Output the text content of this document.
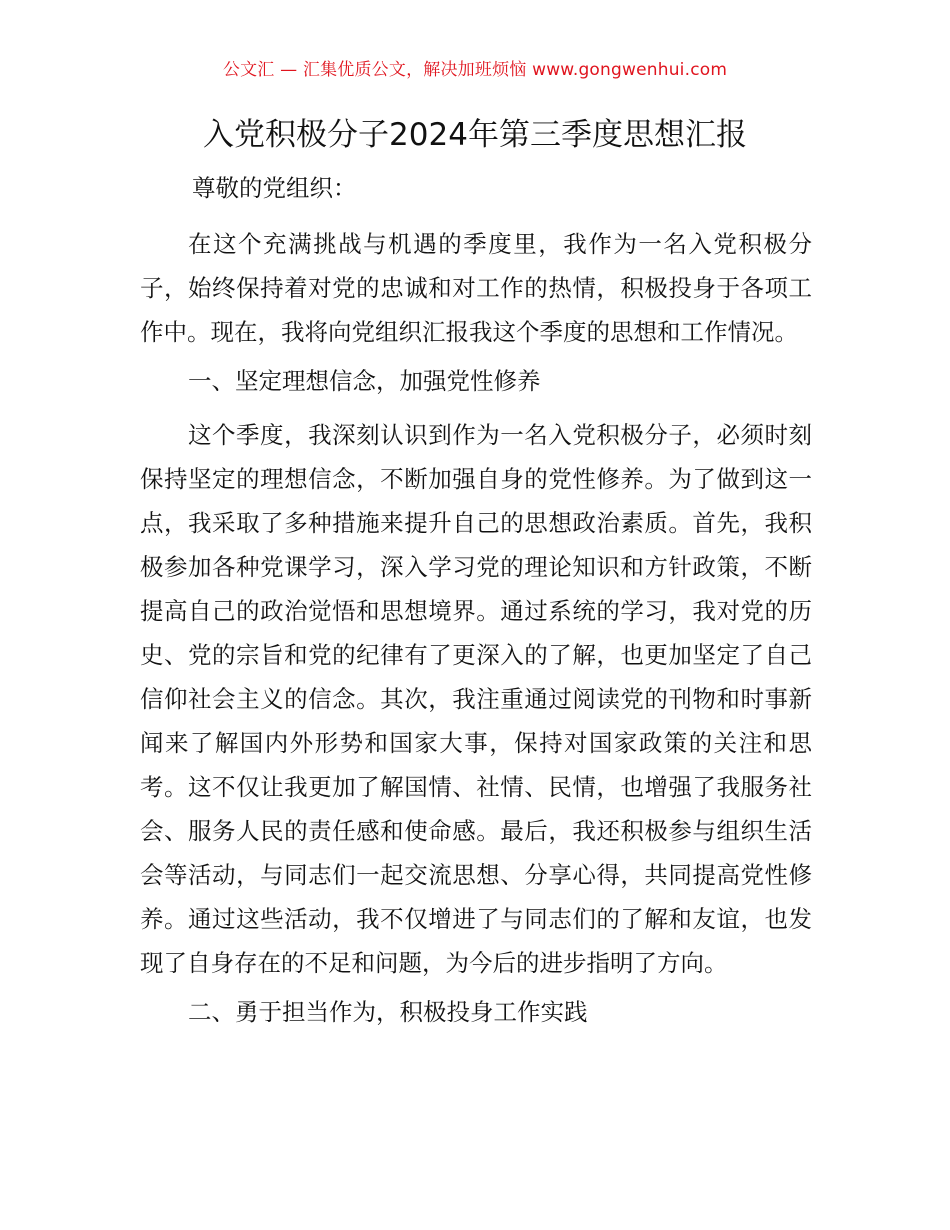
公文汇 — 汇集优质公文，解决加班烦恼 www.gongwenhui.com
入党积极分子2024年第三季度思想汇报
尊敬的党组织：

在这个充满挑战与机遇的季度里，我作为一名入党积极分子，始终保持着对党的忠诚和对工作的热情，积极投身于各项工作中。现在，我将向党组织汇报我这个季度的思想和工作情况。

一、坚定理想信念，加强党性修养

这个季度，我深刻认识到作为一名入党积极分子，必须时刻保持坚定的理想信念，不断加强自身的党性修养。为了做到这一点，我采取了多种措施来提升自己的思想政治素质。首先，我积极参加各种党课学习，深入学习党的理论知识和方针政策，不断提高自己的政治觉悟和思想境界。通过系统的学习，我对党的历史、党的宗旨和党的纪律有了更深入的了解，也更加坚定了自己信仰社会主义的信念。其次，我注重通过阅读党的刊物和时事新闻来了解国内外形势和国家大事，保持对国家政策的关注和思考。这不仅让我更加了解国情、社情、民情，也增强了我服务社会、服务人民的责任感和使命感。最后，我还积极参与组织生活会等活动，与同志们一起交流思想、分享心得，共同提高党性修养。通过这些活动，我不仅增进了与同志们的了解和友谊，也发现了自身存在的不足和问题，为今后的进步指明了方向。

二、勇于担当作为，积极投身工作实践
